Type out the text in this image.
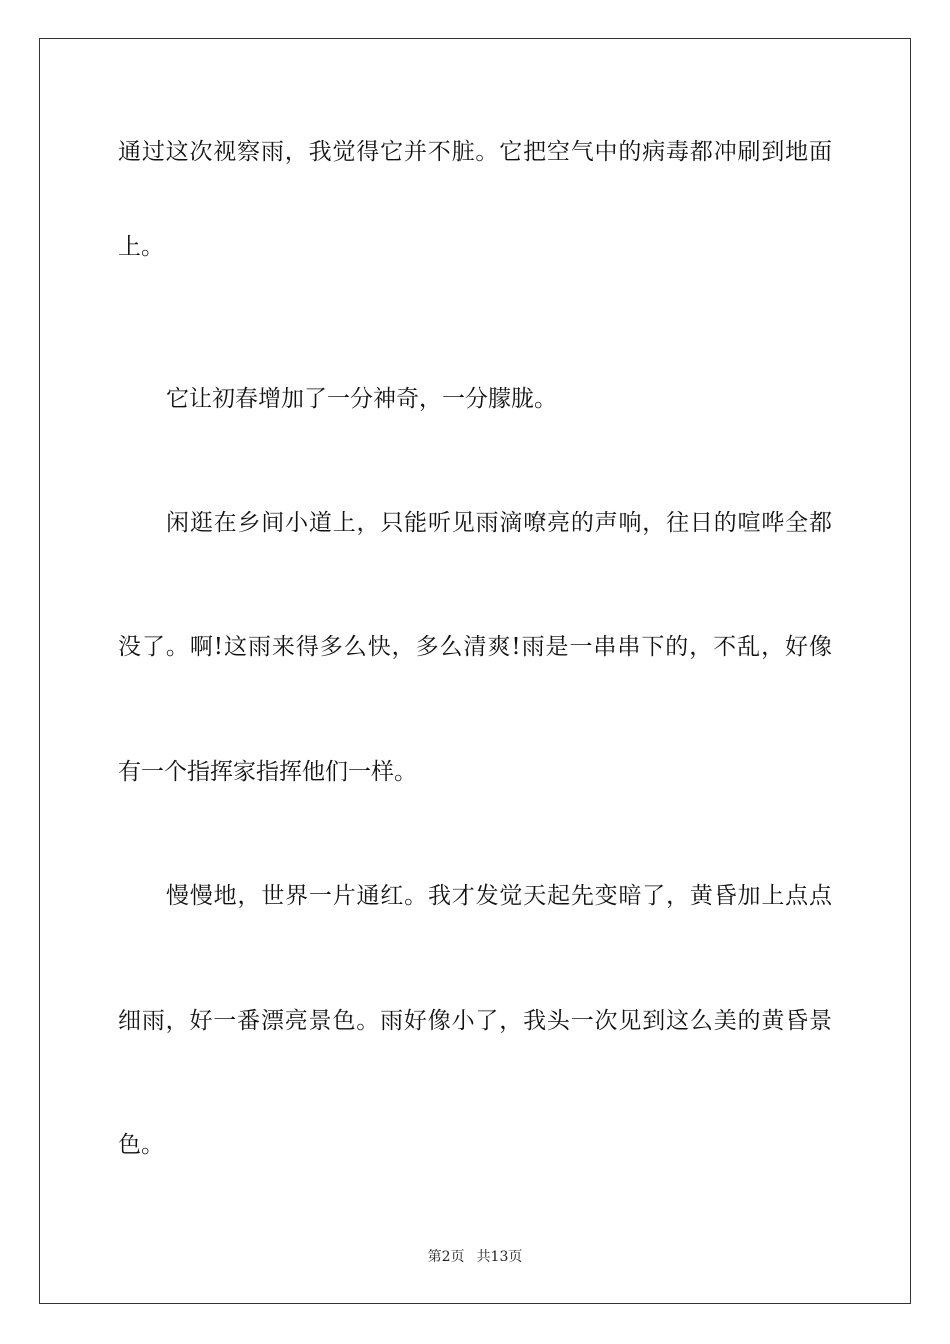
通过这次视察雨，我觉得它并不脏。它把空气中的病毒都冲刷到地面
上。
它让初春增加了一分神奇，一分朦胧。
闲逛在乡间小道上，只能听见雨滴嘹亮的声响，往日的喧哗全都
没了。啊!这雨来得多么快，多么清爽!雨是一串串下的，不乱，好像
有一个指挥家指挥他们一样。
慢慢地，世界一片通红。我才发觉天起先变暗了，黄昏加上点点
细雨，好一番漂亮景色。雨好像小了，我头一次见到这么美的黄昏景
色。
第2页 共13页
